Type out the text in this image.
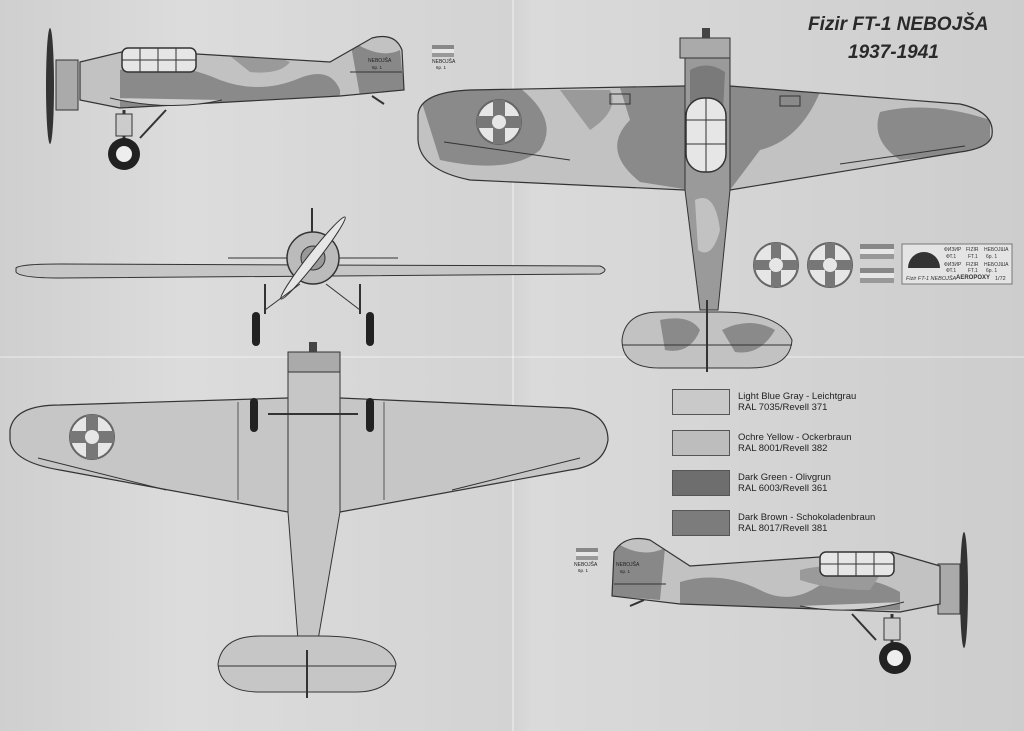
NEBOJŠA
6p. 1
NEBOJŠA
6p. 1
NEBOJŠA
6p. 1
NEBOJŠA
6p. 1
Fizir FT-1 NEBOJŠA
1937-1941
ФИЗИР FIZIR НЕБОЈША
ФТ.1 FT.1 6p. 1
ФИЗИР FIZIR НЕБОЈША
ФТ.1 FT.1 6p. 1
Fizir FT-1 NEBOJŠA AEROPOXY 1/72
Light Blue Gray - Leichtgrau
RAL 7035/Revell 371
Ochre Yellow - Ockerbraun
RAL 8001/Revell 382
Dark Green - Olivgrun
RAL 6003/Revell 361
Dark Brown - Schokoladenbraun
RAL 8017/Revell 381
